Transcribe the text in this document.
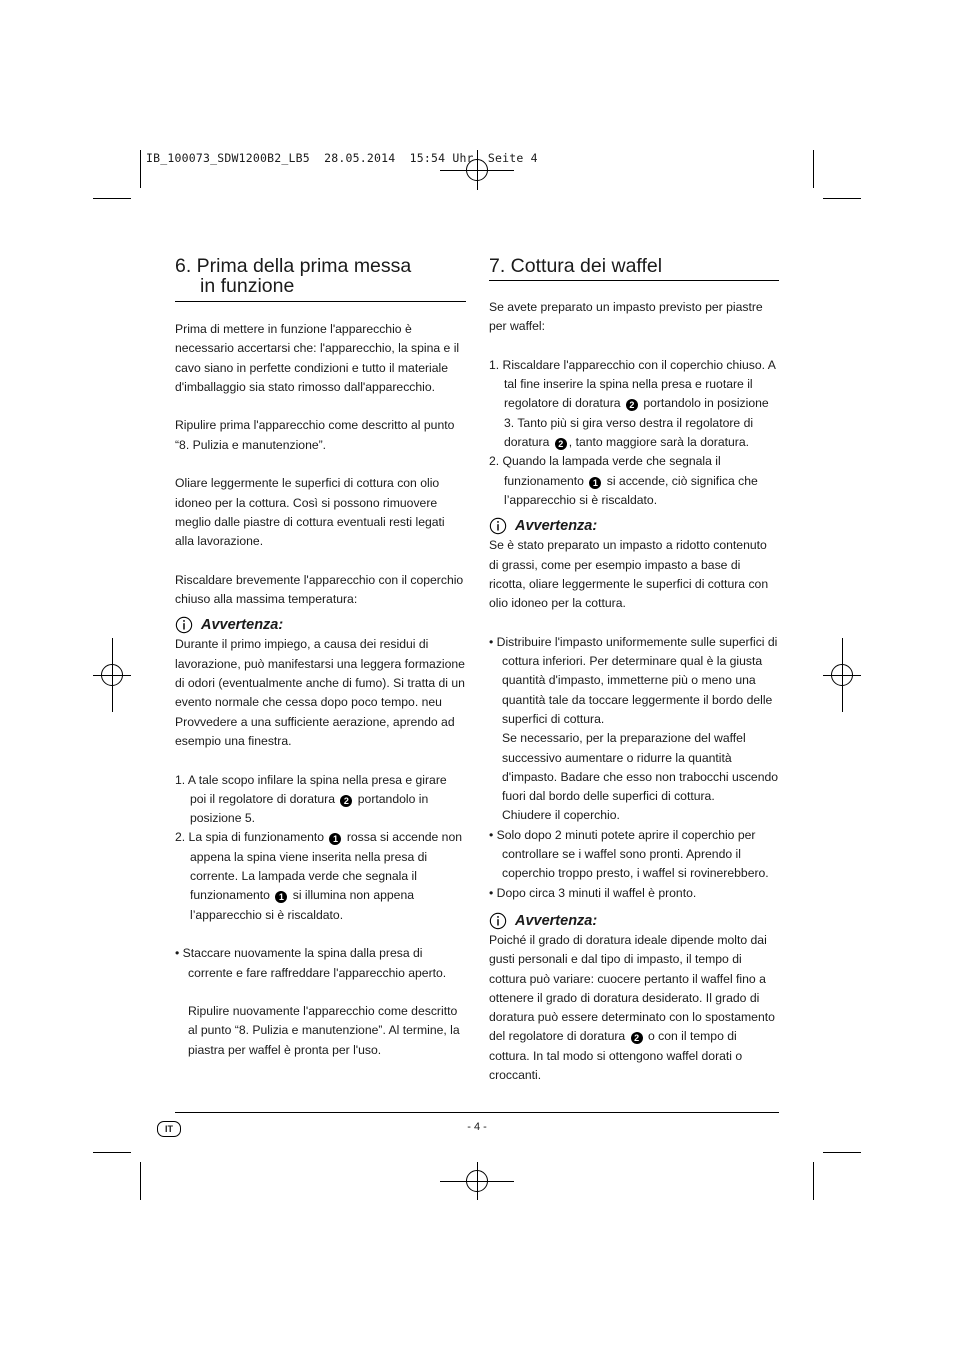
IB_100073_SDW1200B2_LB5  28.05.2014  15:54 Uhr  Seite 4
6. Prima della prima messa
in funzione

Prima di mettere in funzione l'apparecchio è necessario accertarsi che: l'apparecchio, la spina e il cavo siano in perfette condizioni e tutto il materiale d'imballaggio sia stato rimosso dall'apparecchio.

Ripulire prima l'apparecchio come descritto al punto “8. Pulizia e manutenzione”.

Oliare leggermente le superfici di cottura con olio idoneo per la cottura. Così si possono rimuovere meglio dalle piastre di cottura eventuali resti legati alla lavorazione.

Riscaldare brevemente l'apparecchio con il coperchio chiuso alla massima temperatura:

Avvertenza:

Durante il primo impiego, a causa dei residui di lavorazione, può manifestarsi una leggera formazione di odori (eventualmente anche di fumo). Si tratta di un evento normale che cessa dopo poco tempo. neu Provvedere a una sufficiente aerazione, aprendo ad esempio una finestra.

1. A tale scopo infilare la spina nella presa e girare poi il regolatore di doratura 2 portandolo in posizione 5.
2. La spia di funzionamento 1 rossa si accende non appena la spina viene inserita nella presa di corrente. La lampada verde che segnala il funzionamento 1 si illumina non appena l’apparecchio si è riscaldato.
• Staccare nuovamente la spina dalla presa di corrente e fare raffreddare l'apparecchio aperto.

Ripulire nuovamente l'apparecchio come descritto al punto “8. Pulizia e manutenzione”. Al termine, la piastra per waffel è pronta per l'uso.

7. Cottura dei waffel

Se avete preparato un impasto previsto per piastre per waffel:

1. Riscaldare l'apparecchio con il coperchio chiuso. A tal fine inserire la spina nella presa e ruotare il regolatore di doratura 2 portandolo in posizione 3. Tanto più si gira verso destra il regolatore di doratura 2 , tanto maggiore sarà la doratura.
2. Quando la lampada verde che segnala il funzionamento 1 si accende, ciò significa che l’apparecchio si è riscaldato.
Avvertenza:

Se è stato preparato un impasto a ridotto contenuto di grassi, come per esempio impasto a base di ricotta, oliare leggermente le superfici di cottura con olio idoneo per la cottura.

• Distribuire l'impasto uniformemente sulle superfici di cottura inferiori. Per determinare qual è la giusta quantità d'impasto, immetterne più o meno una quantità tale da toccare leggermente il bordo delle superfici di cottura.
Se necessario, per la preparazione del waffel successivo aumentare o ridurre la quantità d'impasto. Badare che esso non trabocchi uscendo fuori dal bordo delle superfici di cottura.
Chiudere il coperchio.
• Solo dopo 2 minuti potete aprire il coperchio per controllare se i waffel sono pronti. Aprendo il coperchio troppo presto, i waffel si rovinerebbero.
• Dopo circa 3 minuti il waffel è pronto.
Avvertenza:

Poiché il grado di doratura ideale dipende molto dai gusti personali e dal tipo di impasto, il tempo di cottura può variare: cuocere pertanto il waffel fino a ottenere il grado di doratura desiderato. Il grado di doratura può essere determinato con lo spostamento del regolatore di doratura 2 o con il tempo di cottura. In tal modo si ottengono waffel dorati o croccanti.

IT	- 4 -
